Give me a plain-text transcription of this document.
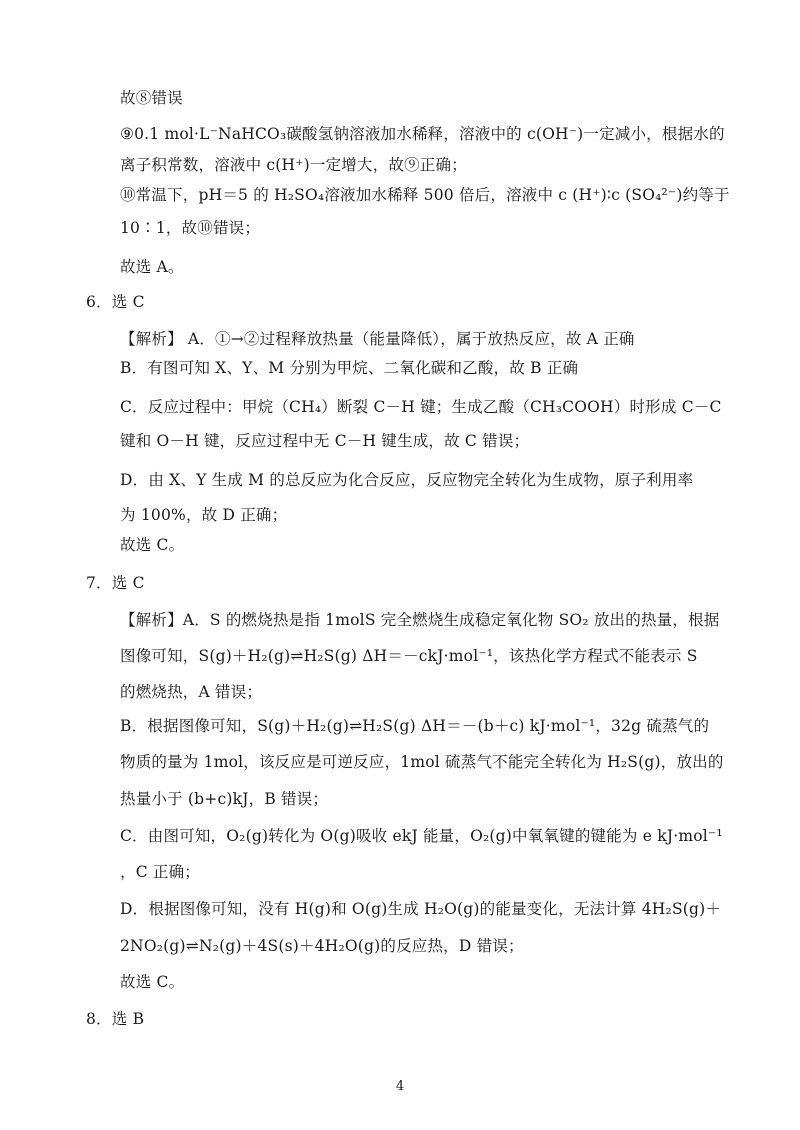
故⑧错误
⑨0.1 mol·L⁻NaHCO₃碳酸氢钠溶液加水稀释，溶液中的 c(OH⁻)一定减小，根据水的
离子积常数，溶液中 c(H⁺)一定增大，故⑨正确；
⑩常温下，pH＝5 的 H₂SO₄溶液加水稀释 500 倍后，溶液中 c (H⁺)∶c (SO₄²⁻)约等于
10∶1，故⑩错误；
故选 A。
6．选 C
【解析】 A．①→②过程释放热量（能量降低），属于放热反应，故 A 正确
B．有图可知 X、Y、M 分别为甲烷、二氧化碳和乙酸，故 B 正确
C．反应过程中：甲烷（CH₄）断裂 C－H 键；生成乙酸（CH₃COOH）时形成 C－C
键和 O－H 键，反应过程中无 C－H 键生成，故 C 错误；
D．由 X、Y 生成 M 的总反应为化合反应，反应物完全转化为生成物，原子利用率
为 100%，故 D 正确；
故选 C。
7．选 C
【解析】A．S 的燃烧热是指 1molS 完全燃烧生成稳定氧化物 SO₂ 放出的热量，根据
图像可知，S(g)＋H₂(g)⇌H₂S(g) ΔH＝－ckJ·mol⁻¹，该热化学方程式不能表示 S
的燃烧热，A 错误；
B．根据图像可知，S(g)＋H₂(g)⇌H₂S(g) ΔH＝－(b＋c) kJ·mol⁻¹，32g 硫蒸气的
物质的量为 1mol，该反应是可逆反应，1mol 硫蒸气不能完全转化为 H₂S(g)，放出的
热量小于 (b+c)kJ，B 错误；
C．由图可知，O₂(g)转化为 O(g)吸收 ekJ 能量，O₂(g)中氧氧键的键能为 e kJ·mol⁻¹
，C 正确；
D．根据图像可知，没有 H(g)和 O(g)生成 H₂O(g)的能量变化，无法计算 4H₂S(g)＋
2NO₂(g)⇌N₂(g)＋4S(s)＋4H₂O(g)的反应热，D 错误；
故选 C。
8．选 B
4
